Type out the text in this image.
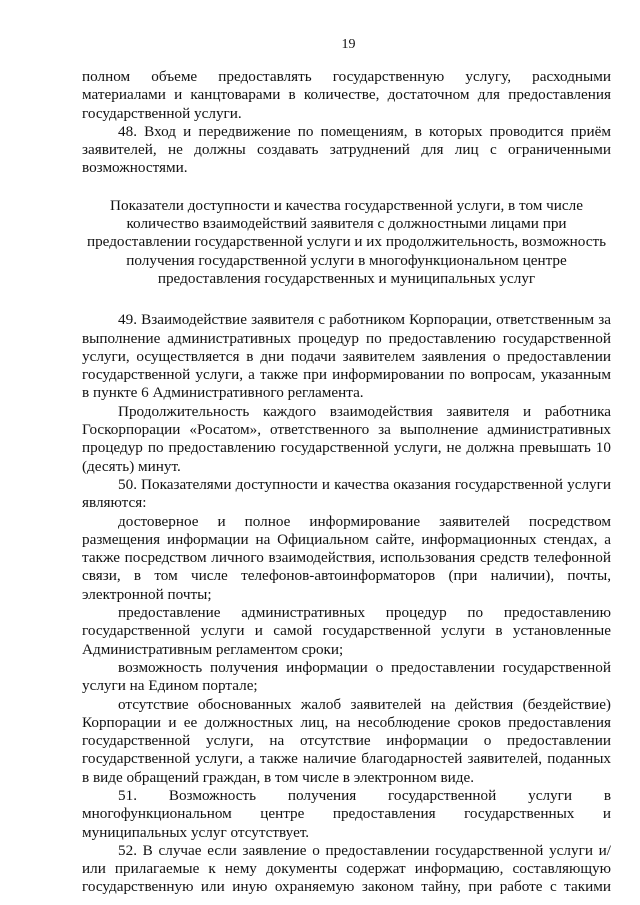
19

полном объеме предоставлять государственную услугу, расходными материалами и канцтоварами в количестве, достаточном для предоставления государственной услуги.

48. Вход и передвижение по помещениям, в которых проводится приём заявителей, не должны создавать затруднений для лиц с ограниченными возможностями.

Показатели доступности и качества государственной услуги, в том числе
количество взаимодействий заявителя с должностными лицами при
предоставлении государственной услуги и их продолжительность, возможность
получения государственной услуги в многофункциональном центре
предоставления государственных и муниципальных услуг

49. Взаимодействие заявителя с работником Корпорации, ответственным за выполнение административных процедур по предоставлению государственной услуги, осуществляется в дни подачи заявителем заявления о предоставлении государственной услуги, а также при информировании по вопросам, указанным в пункте 6 Административного регламента.

Продолжительность каждого взаимодействия заявителя и работника Госкорпорации «Росатом», ответственного за выполнение административных процедур по предоставлению государственной услуги, не должна превышать 10 (десять) минут.

50. Показателями доступности и качества оказания государственной услуги являются:

достоверное и полное информирование заявителей посредством размещения информации на Официальном сайте, информационных стендах, а также посредством личного взаимодействия, использования средств телефонной связи, в том числе телефонов-автоинформаторов (при наличии), почты, электронной почты;

предоставление административных процедур по предоставлению государственной услуги и самой государственной услуги в установленные Административным регламентом сроки;

возможность получения информации о предоставлении государственной услуги на Едином портале;

отсутствие обоснованных жалоб заявителей на действия (бездействие) Корпорации и ее должностных лиц, на несоблюдение сроков предоставления государственной услуги, на отсутствие информации о предоставлении государственной услуги, а также наличие благодарностей заявителей, поданных в виде обращений граждан, в том числе в электронном виде.

51. Возможность получения государственной услуги в многофункциональном центре предоставления государственных и муниципальных услуг отсутствует.

52. В случае если заявление о предоставлении государственной услуги и/или прилагаемые к нему документы содержат информацию, составляющую государственную или иную охраняемую законом тайну, при работе с такими
